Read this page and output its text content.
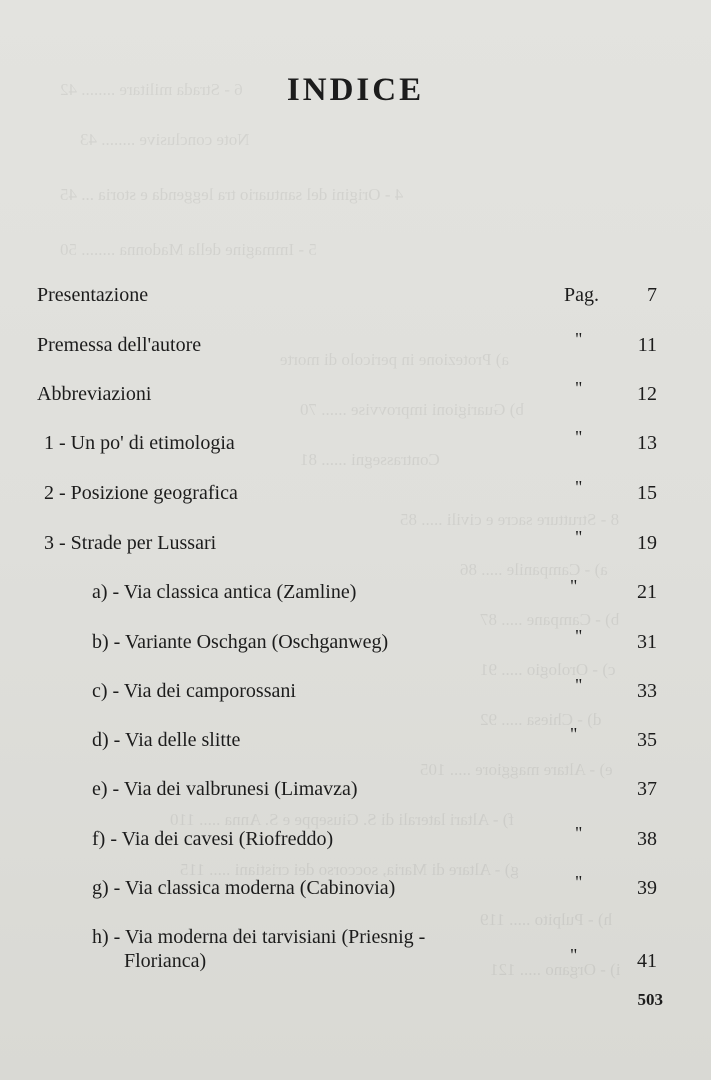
6 - Strada militare ........ 42
Note conclusive ........ 43
4 - Origini del santuario tra leggenda e storia ... 45
5 - Immagine della Madonna ........ 50
a) Protezione in pericolo di morte
b) Guarigioni improvvise ...... 70
Contrassegni ...... 81
8 - Strutture sacre e civili ..... 85
a) - Campanile ..... 86
b) - Campane ..... 87
c) - Orologio ..... 91
d) - Chiesa ..... 92
e) - Altare maggiore ..... 105
f) - Altari laterali di S. Giuseppe e S. Anna ..... 110
g) - Altare di Maria, soccorso dei cristiani ..... 115
h) - Pulpito ..... 119
i) - Organo ..... 121
INDICE
Presentazione	Pag. 7
Premessa dell'autore	"	11
Abbreviazioni	"	12
1 - Un po' di etimologia	"	13
2 - Posizione geografica	"	15
3 - Strade per Lussari	"	19
a) - Via classica antica (Zamline)	"	21
b) - Variante Oschgan (Oschganweg)	"	31
c) - Via dei camporossani	"	33
d) - Via delle slitte	"	35
e) - Via dei valbrunesi (Limavza)	37
f) - Via dei cavesi (Riofreddo)	"	38
g) - Via classica moderna (Cabinovia)	"	39
h) - Via moderna dei tarvisiani (Priesnig -
Florianca)	"	41
503
